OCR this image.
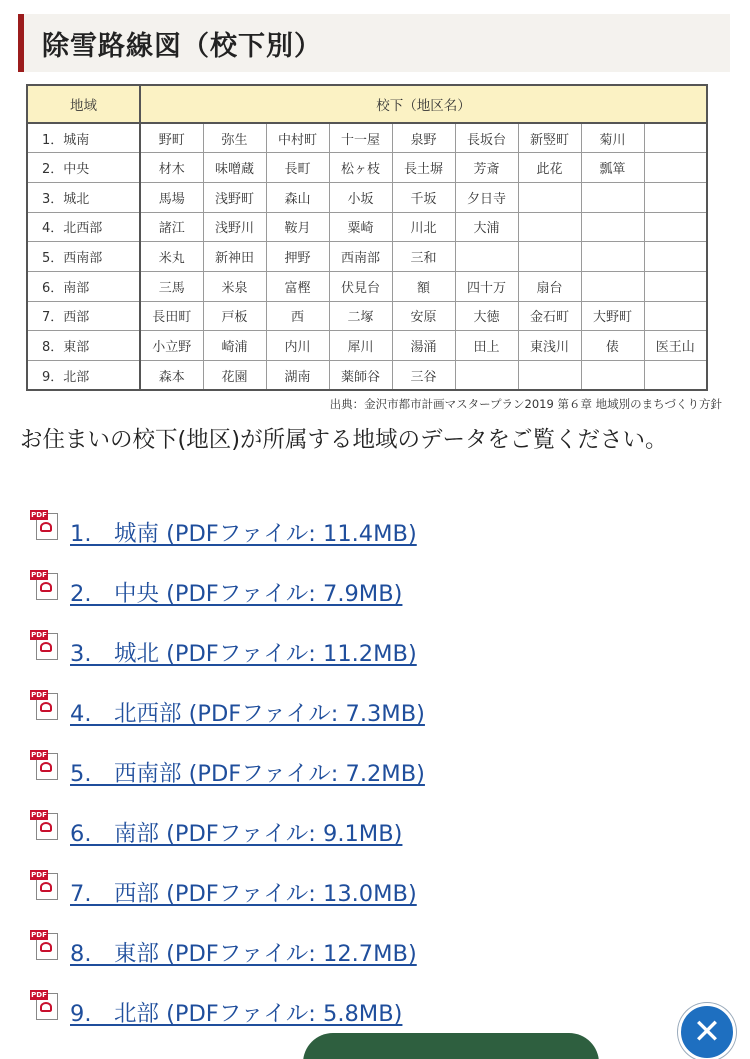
除雪路線図（校下別）
地域	校下（地区名）								
1．城南	野町	弥生	中村町	十一屋	泉野	長坂台	新竪町	菊川	
2．中央	材木	味噌蔵	長町	松ヶ枝	長土塀	芳斎	此花	瓢箪	
3．城北	馬場	浅野町	森山	小坂	千坂	夕日寺			
4．北西部	諸江	浅野川	鞍月	粟崎	川北	大浦			
5．西南部	米丸	新神田	押野	西南部	三和				
6．南部	三馬	米泉	富樫	伏見台	額	四十万	扇台		
7．西部	長田町	戸板	西	二塚	安原	大徳	金石町	大野町	
8．東部	小立野	崎浦	内川	犀川	湯涌	田上	東浅川	俵	医王山
9．北部	森本	花園	湖南	薬師谷	三谷				
出典：金沢市都市計画マスタープラン2019 第６章 地域別のまちづくり方針

お住まいの校下(地区)が所属する地域のデータをご覧ください。

PDF
1.　城南 (PDFファイル: 11.4MB)
PDF
2.　中央 (PDFファイル: 7.9MB)
PDF
3.　城北 (PDFファイル: 11.2MB)
PDF
4.　北西部 (PDFファイル: 7.3MB)
PDF
5.　西南部 (PDFファイル: 7.2MB)
PDF
6.　南部 (PDFファイル: 9.1MB)
PDF
7.　西部 (PDFファイル: 13.0MB)
PDF
8.　東部 (PDFファイル: 12.7MB)
PDF
9.　北部 (PDFファイル: 5.8MB)	✕
